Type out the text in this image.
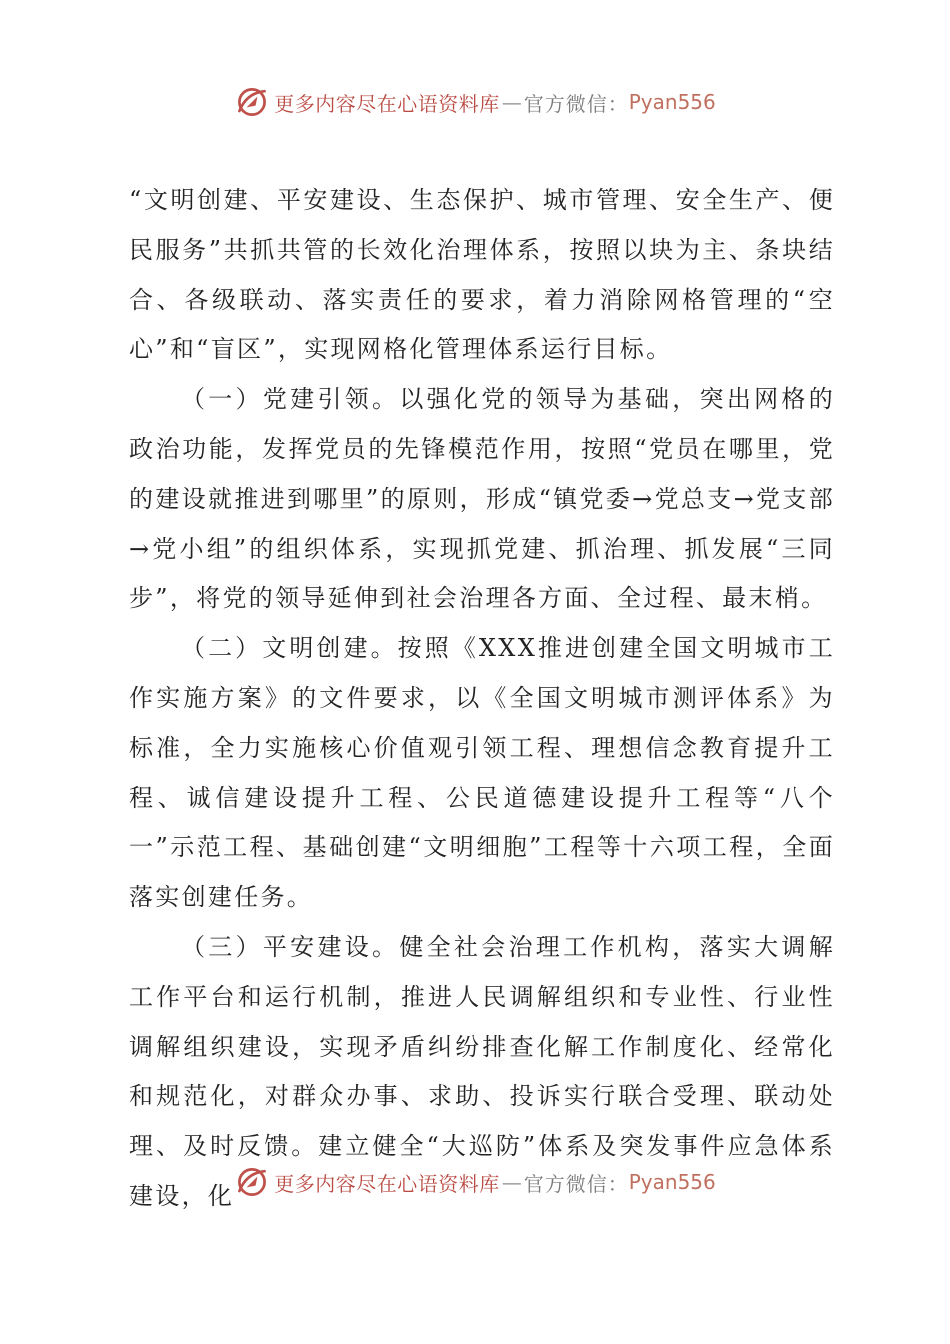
更多内容尽在心语资料库 — 官方微信： Pyan556

“文明创建、平安建设、生态保护、城市管理、安全生产、便民服务”共抓共管的长效化治理体系，按照以块为主、条块结合、各级联动、落实责任的要求，着力消除网格管理的“空心”和“盲区”，实现网格化管理体系运行目标。

（一）党建引领。以强化党的领导为基础，突出网格的政治功能，发挥党员的先锋模范作用，按照“党员在哪里，党的建设就推进到哪里”的原则，形成“镇党委→党总支→党支部→党小组”的组织体系，实现抓党建、抓治理、抓发展“三同步”，将党的领导延伸到社会治理各方面、全过程、最末梢。

（二）文明创建。按照《XXX推进创建全国文明城市工作实施方案》的文件要求，以《全国文明城市测评体系》为标准，全力实施核心价值观引领工程、理想信念教育提升工程、诚信建设提升工程、公民道德建设提升工程等“八个一”示范工程、基础创建“文明细胞”工程等十六项工程，全面落实创建任务。

（三）平安建设。健全社会治理工作机构，落实大调解工作平台和运行机制，推进人民调解组织和专业性、行业性调解组织建设，实现矛盾纠纷排查化解工作制度化、经常化和规范化，对群众办事、求助、投诉实行联合受理、联动处理、及时反馈。建立健全“大巡防”体系及突发事件应急体系建设，化	更多内容尽在心语资料库 — 官方微信： Pyan556
